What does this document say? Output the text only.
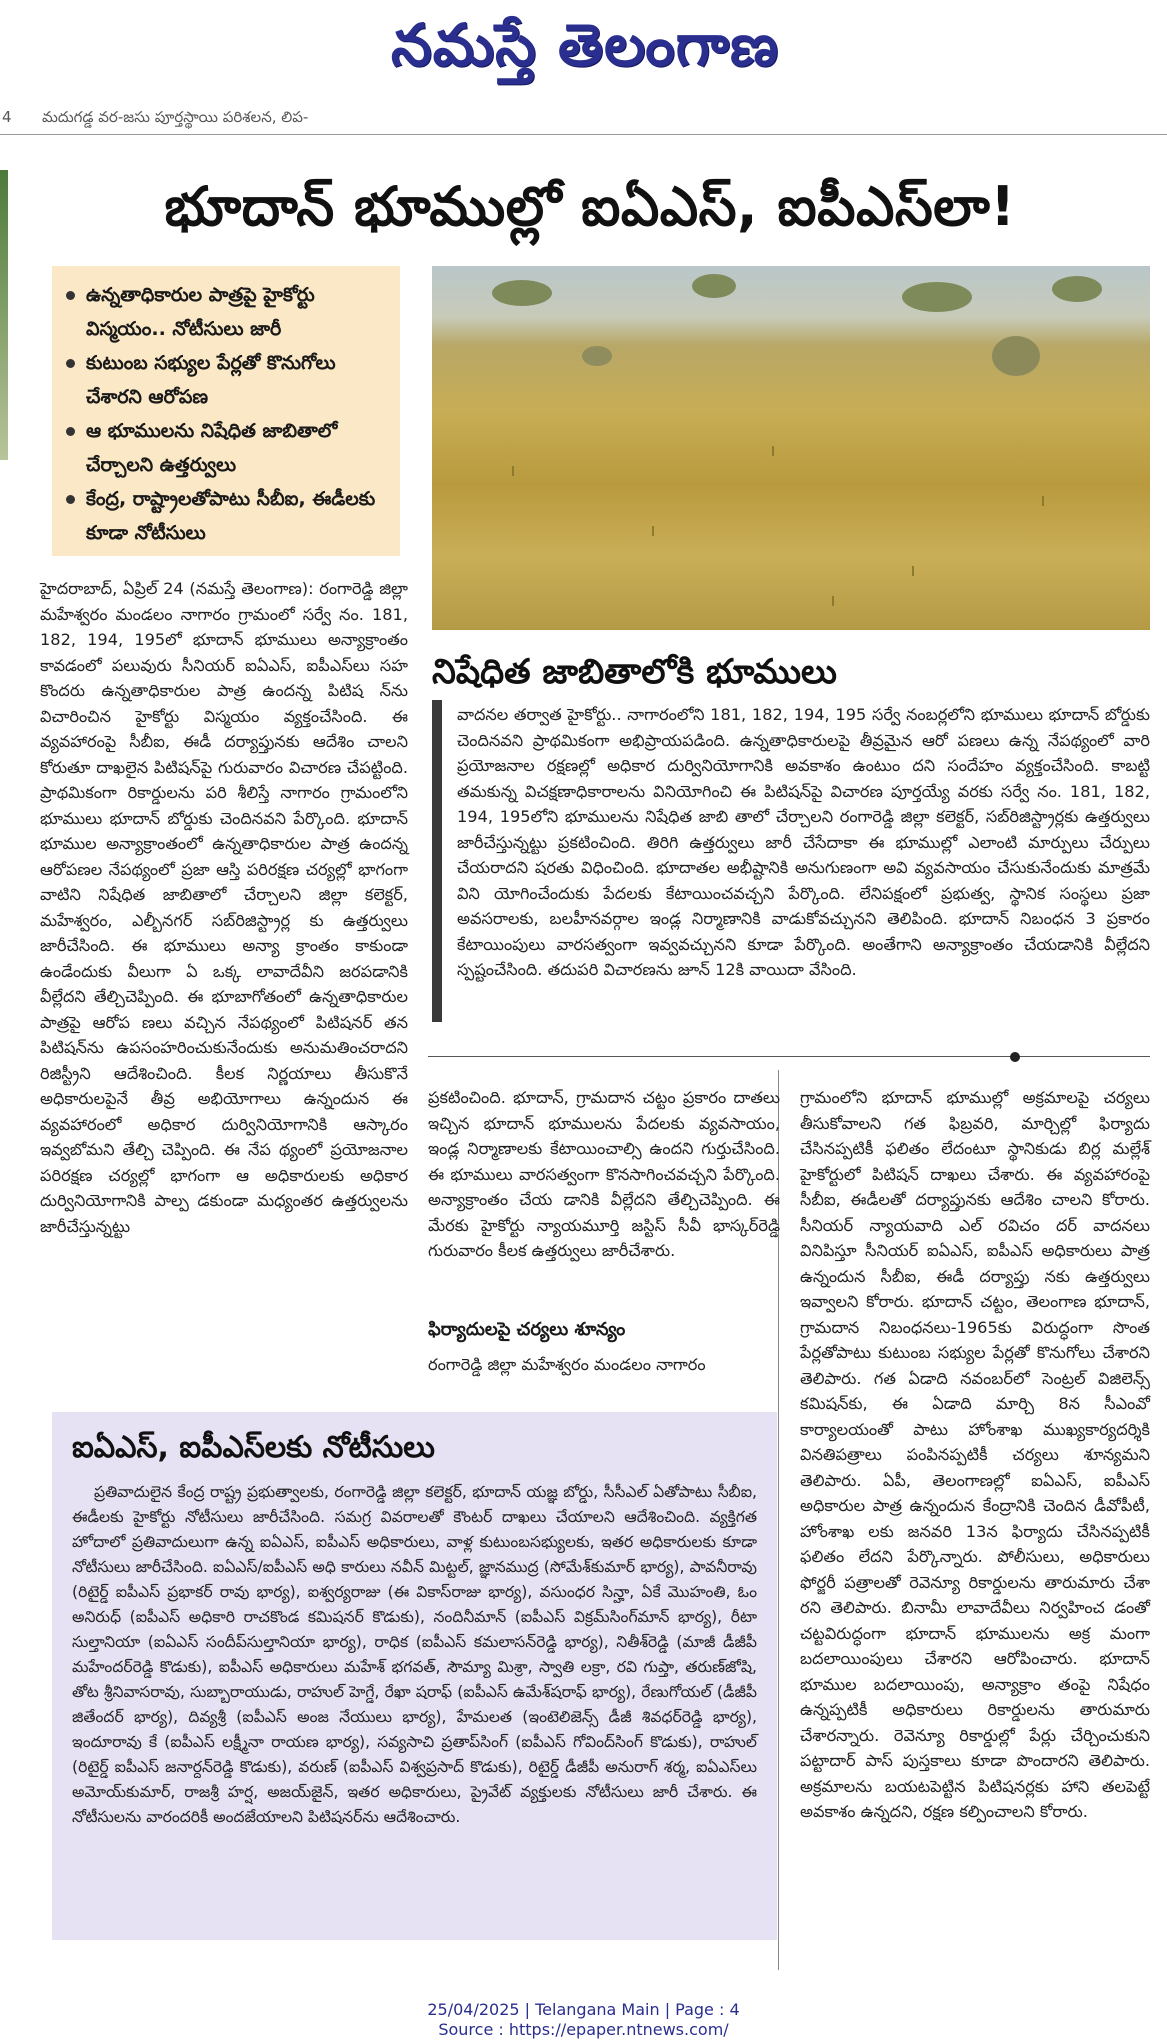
నమస్తే తెలంగాణ
4 మదుగడ్డ వర-జసు పూర్తస్థాయి పరిశలన, లిప-
భూదాన్ భూముల్లో ఐఏఎస్, ఐపీఎస్‌లా!
ఉన్నతాధికారుల పాత్రపై హైకోర్టు విస్మయం.. నోటీసులు జారీ
కుటుంబ సభ్యుల పేర్లతో కొనుగోలు చేశారని ఆరోపణ
ఆ భూములను నిషేధిత జాబితాలో చేర్చాలని ఉత్తర్వులు
కేంద్ర, రాష్ట్రాలతోపాటు సీబీఐ, ఈడీలకు కూడా నోటీసులు
నిషేధిత జాబితాలోకి భూములు

హైదరాబాద్, ఏప్రిల్ 24 (నమస్తే తెలంగాణ): రంగారెడ్డి జిల్లా మహేశ్వరం మండలం నాగారం గ్రామంలో సర్వే నం. 181, 182, 194, 195లో భూదాన్ భూములు అన్యాక్రాంతం కావడంలో పలువురు సీనియర్ ఐఏఎస్, ఐపీఎస్‌లు సహ కొందరు ఉన్నతాధికారుల పాత్ర ఉందన్న పిటిష న్‌ను విచారించిన హైకోర్టు విస్మయం వ్యక్తంచేసింది. ఈ వ్యవహారంపై సీబీఐ, ఈడీ దర్యాప్తునకు ఆదేశిం చాలని కోరుతూ దాఖలైన పిటిషన్‌పై గురువారం విచారణ చేపట్టింది. ప్రాథమికంగా రికార్డులను పరి శీలిస్తే నాగారం గ్రామంలోని భూములు భూదాన్ బోర్డుకు చెందినవని పేర్కొంది. భూదాన్ భూముల అన్యాక్రాంతంలో ఉన్నతాధికారుల పాత్ర ఉందన్న ఆరోపణల నేపథ్యంలో ప్రజా ఆస్తి పరిరక్షణ చర్యల్లో భాగంగా వాటిని నిషేధిత జాబితాలో చేర్చాలని జిల్లా కలెక్టర్, మహేశ్వరం, ఎల్బీనగర్ సబ్‌రిజిస్ట్రార్ల కు ఉత్తర్వులు జారీచేసింది. ఈ భూములు అన్యా క్రాంతం కాకుండా ఉండేందుకు వీలుగా ఏ ఒక్క లావాదేవీని జరపడానికి వీల్లేదని తేల్చిచెప్పింది. ఈ భూబాగోతంలో ఉన్నతాధికారుల పాత్రపై ఆరోప ణలు వచ్చిన నేపథ్యంలో పిటిషనర్ తన పిటిషన్‌ను ఉపసంహరించుకునేందుకు అనుమతించరాదని రిజిస్ట్రీని ఆదేశించింది. కీలక నిర్ణయాలు తీసుకొనే అధికారులపైనే తీవ్ర అభియోగాలు ఉన్నందున ఈ వ్యవహారంలో అధికార దుర్వినియోగానికి ఆస్కారం ఇవ్వబోమని తేల్చి చెప్పింది. ఈ నేప థ్యంలో ప్రయోజనాల పరిరక్షణ చర్యల్లో భాగంగా ఆ అధికారులకు అధికార దుర్వినియోగానికి పాల్ప డకుండా మధ్యంతర ఉత్తర్వులను జారీచేస్తున్నట్టు

వాదనల తర్వాత హైకోర్టు.. నాగారంలోని 181, 182, 194, 195 సర్వే నంబర్లలోని భూములు భూదాన్ బోర్డుకు చెందినవని ప్రాథమికంగా అభిప్రాయపడింది. ఉన్నతాధికారులపై తీవ్రమైన ఆరో పణలు ఉన్న నేపథ్యంలో వారి ప్రయోజనాల రక్షణల్లో అధికార దుర్వినియోగానికి అవకాశం ఉంటుం దని సందేహం వ్యక్తంచేసింది. కాబట్టి తమకున్న విచక్షణాధికారాలను వినియోగించి ఈ పిటిషన్‌పై విచారణ పూర్తయ్యే వరకు సర్వే నం. 181, 182, 194, 195లోని భూములను నిషేధిత జాబి తాలో చేర్చాలని రంగారెడ్డి జిల్లా కలెక్టర్, సబ్‌రిజిస్ట్రార్లకు ఉత్తర్వులు జారీచేస్తున్నట్టు ప్రకటించింది. తిరిగి ఉత్తర్వులు జారీ చేసేదాకా ఈ భూముల్లో ఎలాంటి మార్పులు చేర్పులు చేయరాదని షరతు విధించింది. భూదాతల అభీష్టానికి అనుగుణంగా అవి వ్యవసాయం చేసుకునేందుకు మాత్రమే విని యోగించేందుకు పేదలకు కేటాయించవచ్చని పేర్కొంది. లేనిపక్షంలో ప్రభుత్వ, స్థానిక సంస్థలు ప్రజా అవసరాలకు, బలహీనవర్గాల ఇండ్ల నిర్మాణానికి వాడుకోవచ్చునని తెలిపింది. భూదాన్ నిబంధన 3 ప్రకారం కేటాయింపులు వారసత్వంగా ఇవ్వవచ్చునని కూడా పేర్కొంది. అంతేగాని అన్యాక్రాంతం చేయడానికి వీల్లేదని స్పష్టంచేసింది. తదుపరి విచారణను జూన్ 12కి వాయిదా వేసింది.

ప్రకటించింది. భూదాన్, గ్రామదాన చట్టం ప్రకారం దాతలు ఇచ్చిన భూదాన్ భూములను పేదలకు వ్యవసాయం, ఇండ్ల నిర్మాణాలకు కేటాయించాల్సి ఉందని గుర్తుచేసింది. ఈ భూములు వారసత్వంగా కొనసాగించవచ్చని పేర్కొంది. అన్యాక్రాంతం చేయ డానికి వీల్లేదని తేల్చిచెప్పింది. ఈ మేరకు హైకోర్టు న్యాయమూర్తి జస్టిస్ సీవీ భాస్కర్‌రెడ్డి గురువారం కీలక ఉత్తర్వులు జారీచేశారు.

ఫిర్యాదులపై చర్యలు శూన్యం

రంగారెడ్డి జిల్లా మహేశ్వరం మండలం నాగారం

గ్రామంలోని భూదాన్ భూముల్లో అక్రమాలపై చర్యలు తీసుకోవాలని గత ఫిబ్రవరి, మార్చిల్లో ఫిర్యాదు చేసినప్పటికీ ఫలితం లేదంటూ స్థానికుడు బిర్ల మల్లేశ్ హైకోర్టులో పిటిషన్ దాఖలు చేశారు. ఈ వ్యవహారంపై సీబీఐ, ఈడీలతో దర్యాప్తునకు ఆదేశిం చాలని కోరారు. సీనియర్ న్యాయవాది ఎల్ రవిచం దర్ వాదనలు వినిపిస్తూ సీనియర్ ఐఏఎస్, ఐపీఎస్ అధికారులు పాత్ర ఉన్నందున సీబీఐ, ఈడీ దర్యాప్తు నకు ఉత్తర్వులు ఇవ్వాలని కోరారు. భూదాన్ చట్టం, తెలంగాణ భూదాన్, గ్రామదాన నిబంధనలు-1965కు విరుద్ధంగా సొంత పేర్లతోపాటు కుటుంబ సభ్యుల పేర్లతో కొనుగోలు చేశారని తెలిపారు. గత ఏడాది నవంబర్‌లో సెంట్రల్ విజిలెన్స్ కమిషన్‌కు, ఈ ఏడాది మార్చి 8న సీఎంవో కార్యాలయంతో పాటు హోంశాఖ ముఖ్యకార్యదర్శికి వినతిపత్రాలు పంపినప్పటికీ చర్యలు శూన్యమని తెలిపారు. ఏపీ, తెలంగాణల్లో ఐఏఎస్, ఐపీఎస్ అధికారుల పాత్ర ఉన్నందున కేంద్రానికి చెందిన డీవోపీటీ, హోంశాఖ లకు జనవరి 13న ఫిర్యాదు చేసినప్పటికీ ఫలితం లేదని పేర్కొన్నారు. పోలీసులు, అధికారులు ఫోర్జరీ పత్రాలతో రెవెన్యూ రికార్డులను తారుమారు చేశా రని తెలిపారు. బినామీ లావాదేవీలు నిర్వహించ డంతో చట్టవిరుద్ధంగా భూదాన్ భూములను అక్ర మంగా బదలాయింపులు చేశారని ఆరోపించారు. భూదాన్ భూముల బదలాయింపు, అన్యాక్రాం తంపై నిషేధం ఉన్నప్పటికీ అధికారులు రికార్డులను తారుమారు చేశారన్నారు. రెవెన్యూ రికార్డుల్లో పేర్లు చేర్చించుకుని పట్టాదార్ పాస్ పుస్తకాలు కూడా పొందారని తెలిపారు. అక్రమాలను బయటపెట్టిన పిటిషనర్లకు హాని తలపెట్టే అవకాశం ఉన్నదని, రక్షణ కల్పించాలని కోరారు.

ఐఏఎస్, ఐపీఎస్‌లకు నోటీసులు

ప్రతివాదులైన కేంద్ర రాష్ట్ర ప్రభుత్వాలకు, రంగారెడ్డి జిల్లా కలెక్టర్, భూదాన్ యజ్ఞ బోర్డు, సీసీఎల్ ఏతోపాటు సీబీఐ, ఈడీలకు హైకోర్టు నోటీసులు జారీచేసింది. సమగ్ర వివరాలతో కౌంటర్ దాఖలు చేయాలని ఆదేశించింది. వ్యక్తిగత హోదాలో ప్రతివాదులుగా ఉన్న ఐఏఎస్, ఐపీఎస్ అధికారులు, వాళ్ల కుటుంబసభ్యులకు, ఇతర అధికారులకు కూడా నోటీసులు జారీచేసింది. ఐఏఎస్/ఐపీఎస్ అధి కారులు నవీన్ మిట్టల్, జ్ఞానముద్ర (సోమేశ్‌కుమార్ భార్య), పావనీరావు (రిటైర్డ్ ఐపీఎస్ ప్రభాకర్ రావు భార్య), ఐశ్వర్యరాజు (ఈ వికాస్‌రాజు భార్య), వసుంధర సిన్హా, ఏకే మొహంతి, ఓం అనిరుధ్ (ఐపీఎస్ అధికారి రాచకొండ కమిషనర్ కొడుకు), నందినీమాన్ (ఐపీఎస్ విక్రమ్‌సింగ్‌మాన్ భార్య), రీటా సుల్తానియా (ఐఏఎస్ సందీప్‌సుల్తానియా భార్య), రాధిక (ఐపీఎస్ కమలాసన్‌రెడ్డి భార్య), నితీశ్‌రెడ్డి (మాజీ డీజీపీ మహేందర్‌రెడ్డి కొడుకు), ఐపీఎస్ అధికారులు మహేశ్ భగవత్, సౌమ్యా మిశ్రా, స్వాతి లక్రా, రవి గుప్తా, తరుణ్‌జోషి, తోట శ్రీనివాసరావు, సుబ్బారాయుడు, రాహుల్ హెగ్డే, రేఖా షరాఫ్ (ఐపీఎస్ ఉమేశ్‌షరాఫ్ భార్య), రేణుగోయల్ (డీజీపీ జితేందర్ భార్య), దివ్యశ్రీ (ఐపీఎస్ అంజ నేయులు భార్య), హేమలత (ఇంటెలిజెన్స్ డీజీ శివధర్‌రెడ్డి భార్య), ఇందూరావు కే (ఐపీఎస్ లక్ష్మీనా రాయణ భార్య), సవ్యసాచి ప్రతాప్‌సింగ్ (ఐపీఎస్ గోవింద్‌సింగ్ కొడుకు), రాహుల్ (రిటైర్డ్ ఐపీఎస్ జనార్దన్‌రెడ్డి కొడుకు), వరుణ్ (ఐపీఎస్ విశ్వప్రసాద్ కొడుకు), రిటైర్డ్ డీజీపీ అనురాగ్ శర్మ, ఐఏఎస్‌లు అమోయ్‌కుమార్, రాజశ్రీ హర్ష, అజయ్‌జైన్, ఇతర అధికారులు, ప్రైవేట్ వ్యక్తులకు నోటీసులు జారీ చేశారు. ఈ నోటీసులను వారందరికీ అందజేయాలని పిటిషనర్‌ను ఆదేశించారు.

25/04/2025 | Telangana Main | Page : 4
Source : https://epaper.ntnews.com/
